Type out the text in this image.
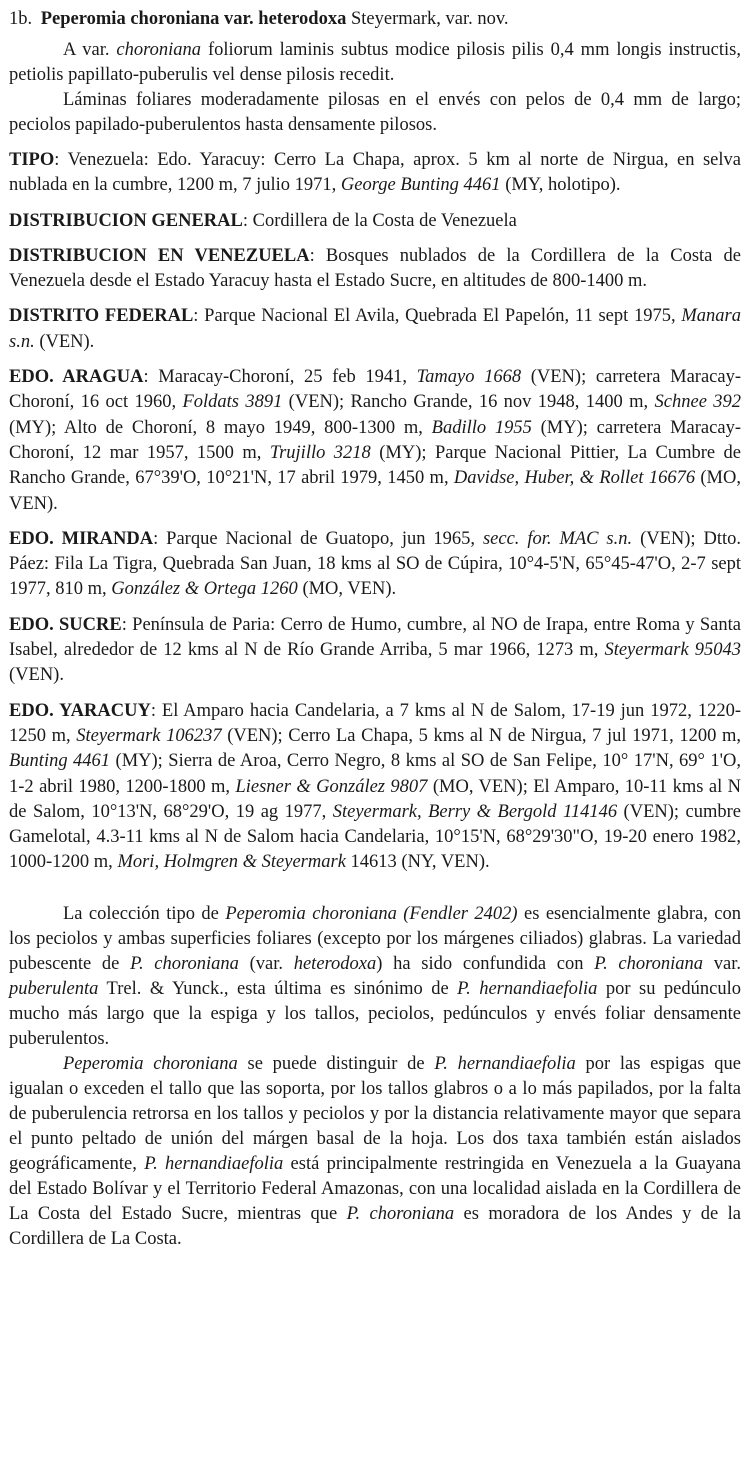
1b. Peperomia choroniana var. heterodoxa Steyermark, var. nov.

A var. choroniana foliorum laminis subtus modice pilosis pilis 0,4 mm longis instructis, petiolis papillato-puberulis vel dense pilosis recedit.

Láminas foliares moderadamente pilosas en el envés con pelos de 0,4 mm de largo; peciolos papilado-puberulentos hasta densamente pilosos.

TIPO: Venezuela: Edo. Yaracuy: Cerro La Chapa, aprox. 5 km al norte de Nirgua, en selva nublada en la cumbre, 1200 m, 7 julio 1971, George Bunting 4461 (MY, holotipo).

DISTRIBUCION GENERAL: Cordillera de la Costa de Venezuela

DISTRIBUCION EN VENEZUELA: Bosques nublados de la Cordillera de la Costa de Venezuela desde el Estado Yaracuy hasta el Estado Sucre, en altitudes de 800-1400 m.

DISTRITO FEDERAL: Parque Nacional El Avila, Quebrada El Papelón, 11 sept 1975, Manara s.n. (VEN).

EDO. ARAGUA: Maracay-Choroní, 25 feb 1941, Tamayo 1668 (VEN); carretera Maracay-Choroní, 16 oct 1960, Foldats 3891 (VEN); Rancho Grande, 16 nov 1948, 1400 m, Schnee 392 (MY); Alto de Choroní, 8 mayo 1949, 800-1300 m, Badillo 1955 (MY); carretera Maracay-Choroní, 12 mar 1957, 1500 m, Trujillo 3218 (MY); Parque Nacional Pittier, La Cumbre de Rancho Grande, 67°39'O, 10°21'N, 17 abril 1979, 1450 m, Davidse, Huber, & Rollet 16676 (MO, VEN).

EDO. MIRANDA: Parque Nacional de Guatopo, jun 1965, secc. for. MAC s.n. (VEN); Dtto. Páez: Fila La Tigra, Quebrada San Juan, 18 kms al SO de Cúpira, 10°4-5'N, 65°45-47'O, 2-7 sept 1977, 810 m, González & Ortega 1260 (MO, VEN).

EDO. SUCRE: Península de Paria: Cerro de Humo, cumbre, al NO de Irapa, entre Roma y Santa Isabel, alrededor de 12 kms al N de Río Grande Arriba, 5 mar 1966, 1273 m, Steyermark 95043 (VEN).

EDO. YARACUY: El Amparo hacia Candelaria, a 7 kms al N de Salom, 17-19 jun 1972, 1220-1250 m, Steyermark 106237 (VEN); Cerro La Chapa, 5 kms al N de Nirgua, 7 jul 1971, 1200 m, Bunting 4461 (MY); Sierra de Aroa, Cerro Negro, 8 kms al SO de San Felipe, 10° 17'N, 69° 1'O, 1-2 abril 1980, 1200-1800 m, Liesner & González 9807 (MO, VEN); El Amparo, 10-11 kms al N de Salom, 10°13'N, 68°29'O, 19 ag 1977, Steyermark, Berry & Bergold 114146 (VEN); cumbre Gamelotal, 4.3-11 kms al N de Salom hacia Candelaria, 10°15'N, 68°29'30"O, 19-20 enero 1982, 1000-1200 m, Mori, Holmgren & Steyermark 14613 (NY, VEN).

La colección tipo de Peperomia choroniana (Fendler 2402) es esencialmente glabra, con los peciolos y ambas superficies foliares (excepto por los márgenes ciliados) glabras. La variedad pubescente de P. choroniana (var. heterodoxa) ha sido confundida con P. choroniana var. puberulenta Trel. & Yunck., esta última es sinónimo de P. hernandiaefolia por su pedúnculo mucho más largo que la espiga y los tallos, peciolos, pedúnculos y envés foliar densamente puberulentos.

Peperomia choroniana se puede distinguir de P. hernandiaefolia por las espigas que igualan o exceden el tallo que las soporta, por los tallos glabros o a lo más papilados, por la falta de puberulencia retrorsa en los tallos y peciolos y por la distancia relativamente mayor que separa el punto peltado de unión del márgen basal de la hoja. Los dos taxa también están aislados geográficamente, P. hernandiaefolia está principalmente restringida en Venezuela a la Guayana del Estado Bolívar y el Territorio Federal Amazonas, con una localidad aislada en la Cordillera de La Costa del Estado Sucre, mientras que P. choroniana es moradora de los Andes y de la Cordillera de La Costa.
